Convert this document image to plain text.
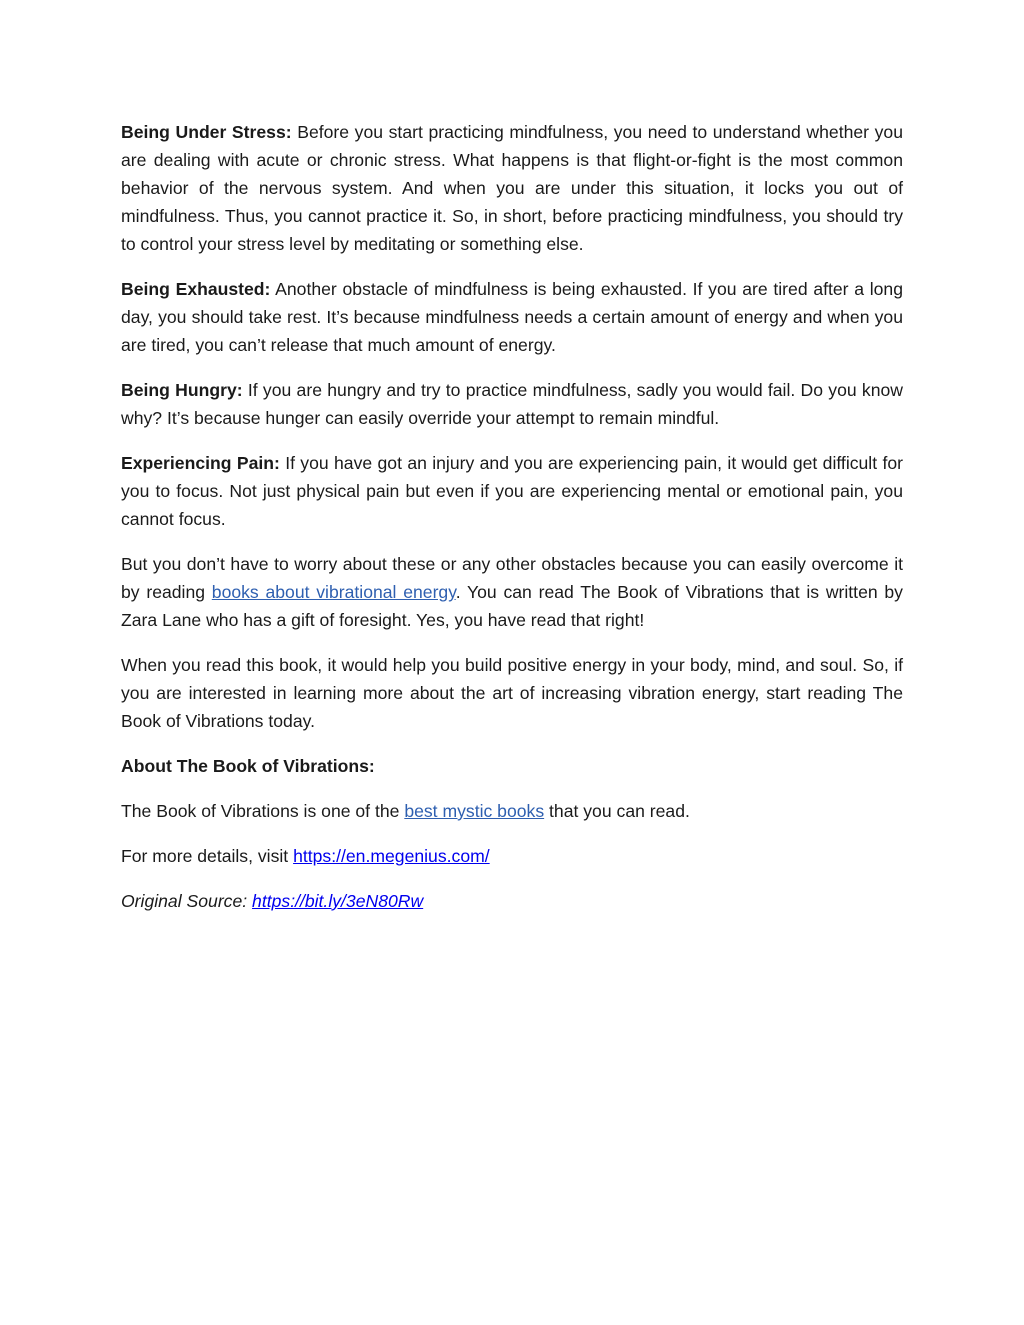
Being Under Stress: Before you start practicing mindfulness, you need to understand whether you are dealing with acute or chronic stress. What happens is that flight-or-fight is the most common behavior of the nervous system. And when you are under this situation, it locks you out of mindfulness. Thus, you cannot practice it. So, in short, before practicing mindfulness, you should try to control your stress level by meditating or something else.

Being Exhausted: Another obstacle of mindfulness is being exhausted. If you are tired after a long day, you should take rest. It’s because mindfulness needs a certain amount of energy and when you are tired, you can’t release that much amount of energy.

Being Hungry: If you are hungry and try to practice mindfulness, sadly you would fail. Do you know why? It’s because hunger can easily override your attempt to remain mindful.

Experiencing Pain: If you have got an injury and you are experiencing pain, it would get difficult for you to focus. Not just physical pain but even if you are experiencing mental or emotional pain, you cannot focus.

But you don’t have to worry about these or any other obstacles because you can easily overcome it by reading books about vibrational energy. You can read The Book of Vibrations that is written by Zara Lane who has a gift of foresight. Yes, you have read that right!

When you read this book, it would help you build positive energy in your body, mind, and soul. So, if you are interested in learning more about the art of increasing vibration energy, start reading The Book of Vibrations today.

About The Book of Vibrations:

The Book of Vibrations is one of the best mystic books that you can read.

For more details, visit https://en.megenius.com/

Original Source: https://bit.ly/3eN80Rw
